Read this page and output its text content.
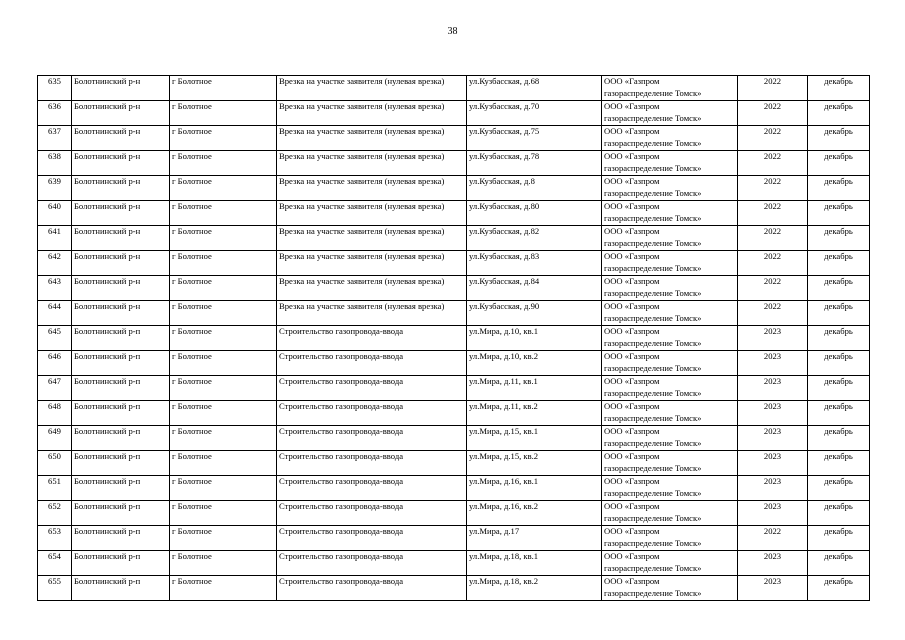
38
635	Болотнинский р-н	г Болотное	Врезка на участке заявителя (нулевая врезка)	ул.Кузбасская, д.68	ООО «Газпром
газораспределение Томск»	2022	декабрь
636	Болотнинский р-н	г Болотное	Врезка на участке заявителя (нулевая врезка)	ул.Кузбасская, д.70	ООО «Газпром
газораспределение Томск»	2022	декабрь
637	Болотнинский р-н	г Болотное	Врезка на участке заявителя (нулевая врезка)	ул.Кузбасская, д.75	ООО «Газпром
газораспределение Томск»	2022	декабрь
638	Болотнинский р-н	г Болотное	Врезка на участке заявителя (нулевая врезка)	ул.Кузбасская, д.78	ООО «Газпром
газораспределение Томск»	2022	декабрь
639	Болотнинский р-н	г Болотное	Врезка на участке заявителя (нулевая врезка)	ул.Кузбасская, д.8	ООО «Газпром
газораспределение Томск»	2022	декабрь
640	Болотнинский р-н	г Болотное	Врезка на участке заявителя (нулевая врезка)	ул.Кузбасская, д.80	ООО «Газпром
газораспределение Томск»	2022	декабрь
641	Болотнинский р-н	г Болотное	Врезка на участке заявителя (нулевая врезка)	ул.Кузбасская, д.82	ООО «Газпром
газораспределение Томск»	2022	декабрь
642	Болотнинский р-н	г Болотное	Врезка на участке заявителя (нулевая врезка)	ул.Кузбасская, д.83	ООО «Газпром
газораспределение Томск»	2022	декабрь
643	Болотнинский р-н	г Болотное	Врезка на участке заявителя (нулевая врезка)	ул.Кузбасская, д.84	ООО «Газпром
газораспределение Томск»	2022	декабрь
644	Болотнинский р-н	г Болотное	Врезка на участке заявителя (нулевая врезка)	ул.Кузбасская, д.90	ООО «Газпром
газораспределение Томск»	2022	декабрь
645	Болотнинский р-п	г Болотное	Строительство газопровода-ввода	ул.Мира, д.10, кв.1	ООО «Газпром
газораспределение Томск»	2023	декабрь
646	Болотнинский р-п	г Болотное	Строительство газопровода-ввода	ул.Мира, д.10, кв.2	ООО «Газпром
газораспределение Томск»	2023	декабрь
647	Болотнинский р-п	г Болотное	Строительство газопровода-ввода	ул.Мира, д.11, кв.1	ООО «Газпром
газораспределение Томск»	2023	декабрь
648	Болотнинский р-п	г Болотное	Строительство газопровода-ввода	ул.Мира, д.11, кв.2	ООО «Газпром
газораспределение Томск»	2023	декабрь
649	Болотнинский р-п	г Болотное	Строительство газопровода-ввода	ул.Мира, д.15, кв.1	ООО «Газпром
газораспределение Томск»	2023	декабрь
650	Болотнинский р-п	г Болотное	Строительство газопровода-ввода	ул.Мира, д.15, кв.2	ООО «Газпром
газораспределение Томск»	2023	декабрь
651	Болотнинский р-п	г Болотное	Строительство газопровода-ввода	ул.Мира, д.16, кв.1	ООО «Газпром
газораспределение Томск»	2023	декабрь
652	Болотнинский р-п	г Болотное	Строительство газопровода-ввода	ул.Мира, д.16, кв.2	ООО «Газпром
газораспределение Томск»	2023	декабрь
653	Болотнинский р-п	г Болотное	Строительство газопровода-ввода	ул.Мира, д.17	ООО «Газпром
газораспределение Томск»	2022	декабрь
654	Болотнинский р-п	г Болотное	Строительство газопровода-ввода	ул.Мира, д.18, кв.1	ООО «Газпром
газораспределение Томск»	2023	декабрь
655	Болотнинский р-п	г Болотное	Строительство газопровода-ввода	ул.Мира, д.18, кв.2	ООО «Газпром
газораспределение Томск»	2023	декабрь
